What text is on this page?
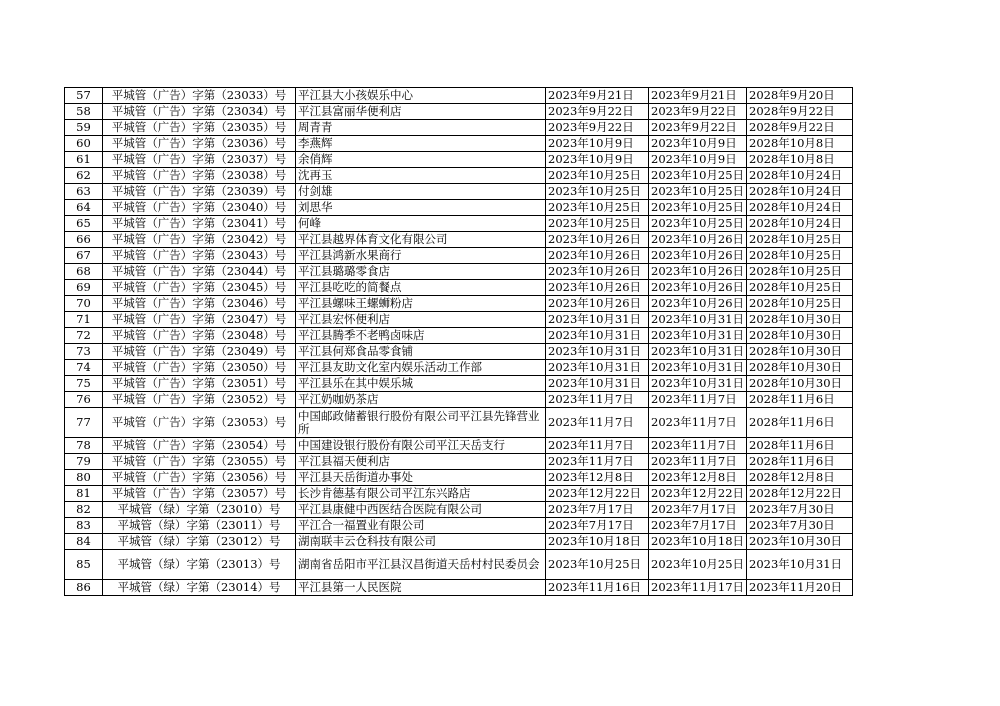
57	平城管（广告）字第（23033）号	平江县大小孩娱乐中心	2023年9月21日	2023年9月21日	2028年9月20日
58	平城管（广告）字第（23034）号	平江县富丽华便利店	2023年9月22日	2023年9月22日	2028年9月22日
59	平城管（广告）字第（23035）号	周青青	2023年9月22日	2023年9月22日	2028年9月22日
60	平城管（广告）字第（23036）号	李燕辉	2023年10月9日	2023年10月9日	2028年10月8日
61	平城管（广告）字第（23037）号	余俏辉	2023年10月9日	2023年10月9日	2028年10月8日
62	平城管（广告）字第（23038）号	沈再玉	2023年10月25日	2023年10月25日	2028年10月24日
63	平城管（广告）字第（23039）号	付剑雄	2023年10月25日	2023年10月25日	2028年10月24日
64	平城管（广告）字第（23040）号	刘思华	2023年10月25日	2023年10月25日	2028年10月24日
65	平城管（广告）字第（23041）号	何峰	2023年10月25日	2023年10月25日	2028年10月24日
66	平城管（广告）字第（23042）号	平江县越界体育文化有限公司	2023年10月26日	2023年10月26日	2028年10月25日
67	平城管（广告）字第（23043）号	平江县鸿新水果商行	2023年10月26日	2023年10月26日	2028年10月25日
68	平城管（广告）字第（23044）号	平江县璐璐零食店	2023年10月26日	2023年10月26日	2028年10月25日
69	平城管（广告）字第（23045）号	平江县吃吃的简餐点	2023年10月26日	2023年10月26日	2028年10月25日
70	平城管（广告）字第（23046）号	平江县螺味王螺蛳粉店	2023年10月26日	2023年10月26日	2028年10月25日
71	平城管（广告）字第（23047）号	平江县宏怀便利店	2023年10月31日	2023年10月31日	2028年10月30日
72	平城管（广告）字第（23048）号	平江县腾季不老鸭卤味店	2023年10月31日	2023年10月31日	2028年10月30日
73	平城管（广告）字第（23049）号	平江县何郑食品零食铺	2023年10月31日	2023年10月31日	2028年10月30日
74	平城管（广告）字第（23050）号	平江县友助文化室内娱乐活动工作部	2023年10月31日	2023年10月31日	2028年10月30日
75	平城管（广告）字第（23051）号	平江县乐在其中娱乐城	2023年10月31日	2023年10月31日	2028年10月30日
76	平城管（广告）字第（23052）号	平江奶咖奶茶店	2023年11月7日	2023年11月7日	2028年11月6日
77	平城管（广告）字第（23053）号	中国邮政储蓄银行股份有限公司平江县先锋营业所	2023年11月7日	2023年11月7日	2028年11月6日
78	平城管（广告）字第（23054）号	中国建设银行股份有限公司平江天岳支行	2023年11月7日	2023年11月7日	2028年11月6日
79	平城管（广告）字第（23055）号	平江县福天便利店	2023年11月7日	2023年11月7日	2028年11月6日
80	平城管（广告）字第（23056）号	平江县天岳街道办事处	2023年12月8日	2023年12月8日	2028年12月8日
81	平城管（广告）字第（23057）号	长沙肯德基有限公司平江东兴路店	2023年12月22日	2023年12月22日	2028年12月22日
82	平城管（绿）字第（23010）号	平江县康健中西医结合医院有限公司	2023年7月17日	2023年7月17日	2023年7月30日
83	平城管（绿）字第（23011）号	平江合一福置业有限公司	2023年7月17日	2023年7月17日	2023年7月30日
84	平城管（绿）字第（23012）号	湖南联丰云仓科技有限公司	2023年10月18日	2023年10月18日	2023年10月30日
85	平城管（绿）字第（23013）号	湖南省岳阳市平江县汉昌街道天岳村村民委员会	2023年10月25日	2023年10月25日	2023年10月31日
86	平城管（绿）字第（23014）号	平江县第一人民医院	2023年11月16日	2023年11月17日	2023年11月20日
